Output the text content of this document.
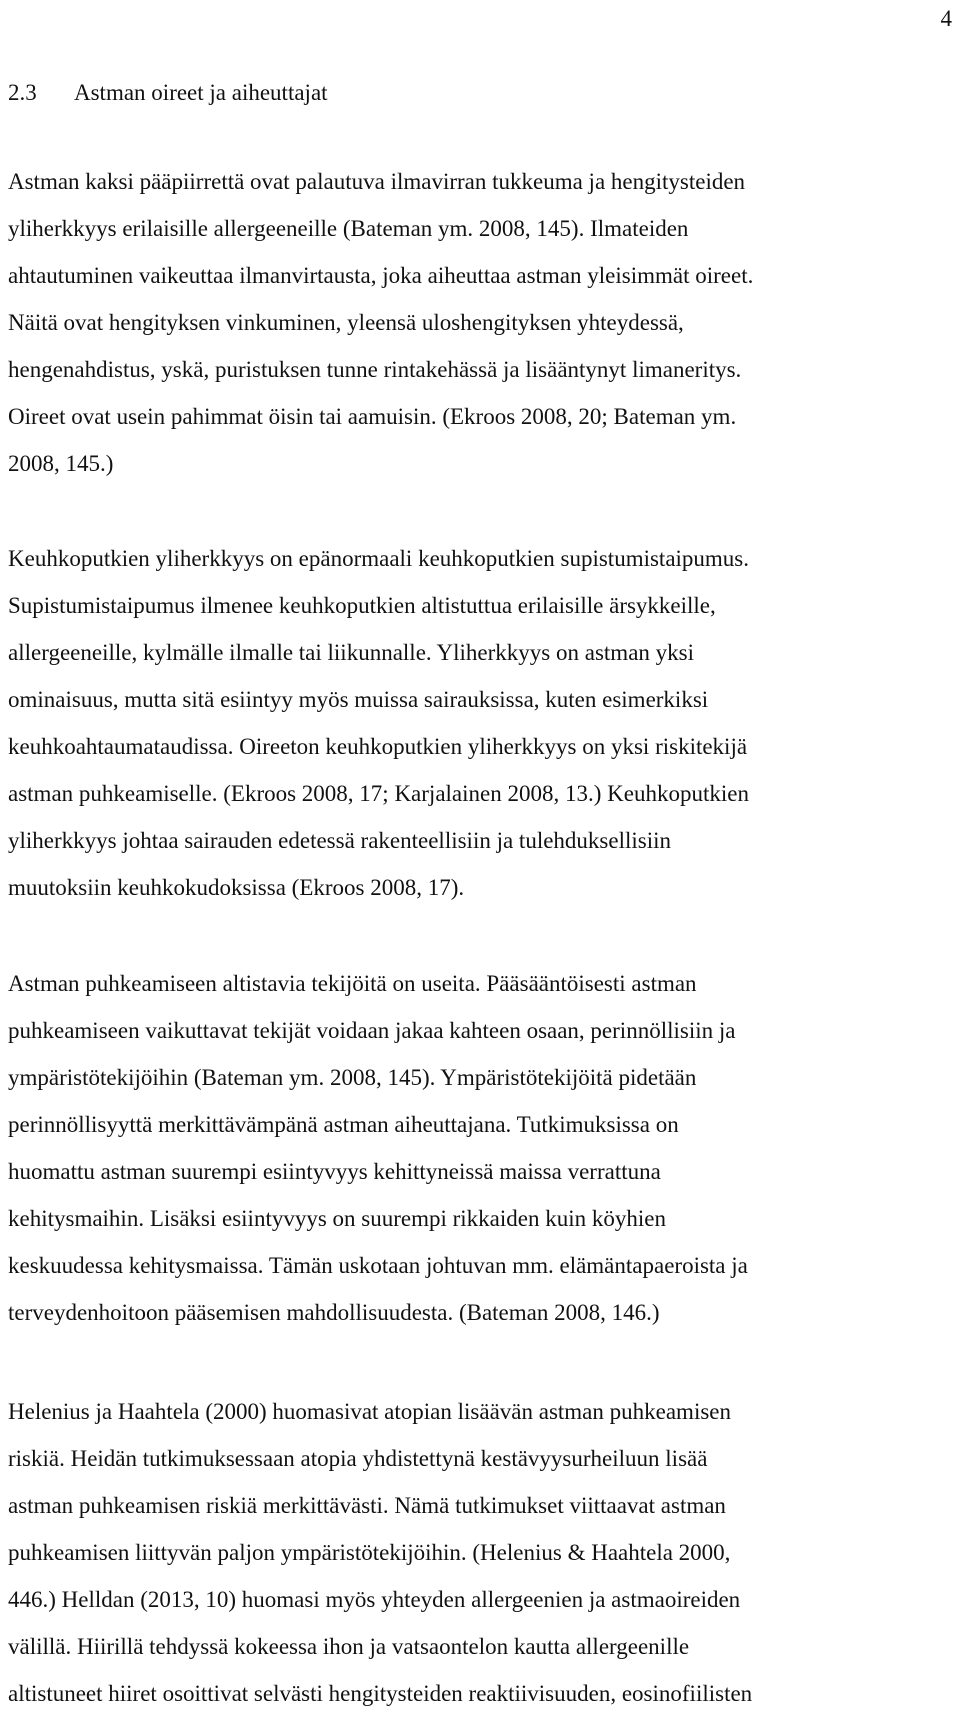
4
2.3 Astman oireet ja aiheuttajat
Astman kaksi pääpiirrettä ovat palautuva ilmavirran tukkeuma ja hengitysteiden
yliherkkyys erilaisille allergeeneille (Bateman ym. 2008, 145). Ilmateiden
ahtautuminen vaikeuttaa ilmanvirtausta, joka aiheuttaa astman yleisimmät oireet.
Näitä ovat hengityksen vinkuminen, yleensä uloshengityksen yhteydessä,
hengenahdistus, yskä, puristuksen tunne rintakehässä ja lisääntynyt limaneritys.
Oireet ovat usein pahimmat öisin tai aamuisin. (Ekroos 2008, 20; Bateman ym.
2008, 145.)
Keuhkoputkien yliherkkyys on epänormaali keuhkoputkien supistumistaipumus.
Supistumistaipumus ilmenee keuhkoputkien altistuttua erilaisille ärsykkeille,
allergeeneille, kylmälle ilmalle tai liikunnalle. Yliherkkyys on astman yksi
ominaisuus, mutta sitä esiintyy myös muissa sairauksissa, kuten esimerkiksi
keuhkoahtaumataudissa. Oireeton keuhkoputkien yliherkkyys on yksi riskitekijä
astman puhkeamiselle. (Ekroos 2008, 17; Karjalainen 2008, 13.) Keuhkoputkien
yliherkkyys johtaa sairauden edetessä rakenteellisiin ja tulehduksellisiin
muutoksiin keuhkokudoksissa (Ekroos 2008, 17).
Astman puhkeamiseen altistavia tekijöitä on useita. Pääsääntöisesti astman
puhkeamiseen vaikuttavat tekijät voidaan jakaa kahteen osaan, perinnöllisiin ja
ympäristötekijöihin (Bateman ym. 2008, 145). Ympäristötekijöitä pidetään
perinnöllisyyttä merkittävämpänä astman aiheuttajana. Tutkimuksissa on
huomattu astman suurempi esiintyvyys kehittyneissä maissa verrattuna
kehitysmaihin. Lisäksi esiintyvyys on suurempi rikkaiden kuin köyhien
keskuudessa kehitysmaissa. Tämän uskotaan johtuvan mm. elämäntapaeroista ja
terveydenhoitoon pääsemisen mahdollisuudesta. (Bateman 2008, 146.)
Helenius ja Haahtela (2000) huomasivat atopian lisäävän astman puhkeamisen
riskiä. Heidän tutkimuksessaan atopia yhdistettynä kestävyysurheiluun lisää
astman puhkeamisen riskiä merkittävästi. Nämä tutkimukset viittaavat astman
puhkeamisen liittyvän paljon ympäristötekijöihin. (Helenius & Haahtela 2000,
446.) Helldan (2013, 10) huomasi myös yhteyden allergeenien ja astmaoireiden
välillä. Hiirillä tehdyssä kokeessa ihon ja vatsaontelon kautta allergeenille
altistuneet hiiret osoittivat selvästi hengitysteiden reaktiivisuuden, eosinofiilisten
